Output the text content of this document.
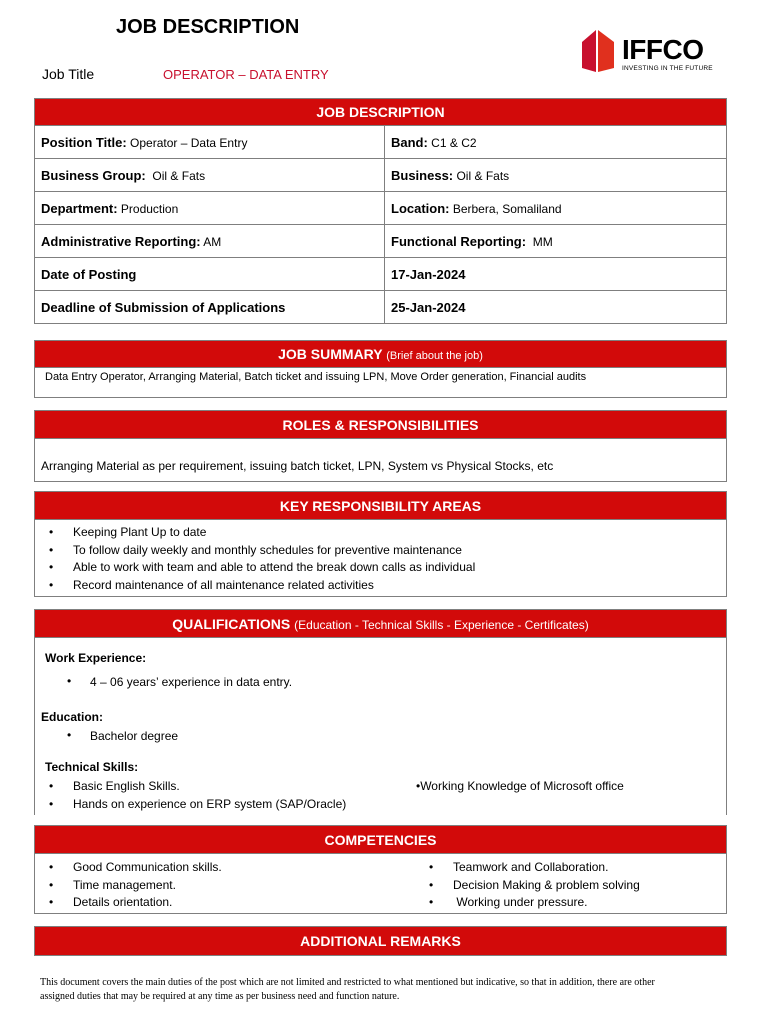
JOB DESCRIPTION
Job Title	OPERATOR – DATA ENTRY
IFFCO
INVESTING IN THE FUTURE
JOB DESCRIPTION	
Position Title: Operator – Data Entry	Band: C1 & C2
Business Group:  Oil & Fats	Business: Oil & Fats
Department: Production	Location: Berbera, Somaliland
Administrative Reporting: AM	Functional Reporting:  MM
Date of Posting	17-Jan-2024
Deadline of Submission of Applications	25-Jan-2024
JOB SUMMARY (Brief about the job)
Data Entry Operator, Arranging Material, Batch ticket and issuing LPN, Move Order generation, Financial audits
ROLES & RESPONSIBILITIES
Arranging Material as per requirement, issuing batch ticket, LPN, System vs Physical Stocks, etc
KEY RESPONSIBILITY AREAS
• Keeping Plant Up to date
• To follow daily weekly and monthly schedules for preventive maintenance
• Able to work with team and able to attend the break down calls as individual
• Record maintenance of all maintenance related activities
QUALIFICATIONS (Education - Technical Skills - Experience - Certificates)
Work Experience:
• 4 – 06 years’ experience in data entry.
Education:
• Bachelor degree
Technical Skills:
• Basic English Skills.
• Hands on experience on ERP system (SAP/Oracle)
•Working Knowledge of Microsoft office
COMPETENCIES
• Good Communication skills.
• Time management.
• Details orientation.
• Teamwork and Collaboration.
• Decision Making & problem solving
•  Working under pressure.
ADDITIONAL REMARKS
This document covers the main duties of the post which are not limited and restricted to what mentioned but indicative, so that in addition, there are other
assigned duties that may be required at any time as per business need and function nature.
